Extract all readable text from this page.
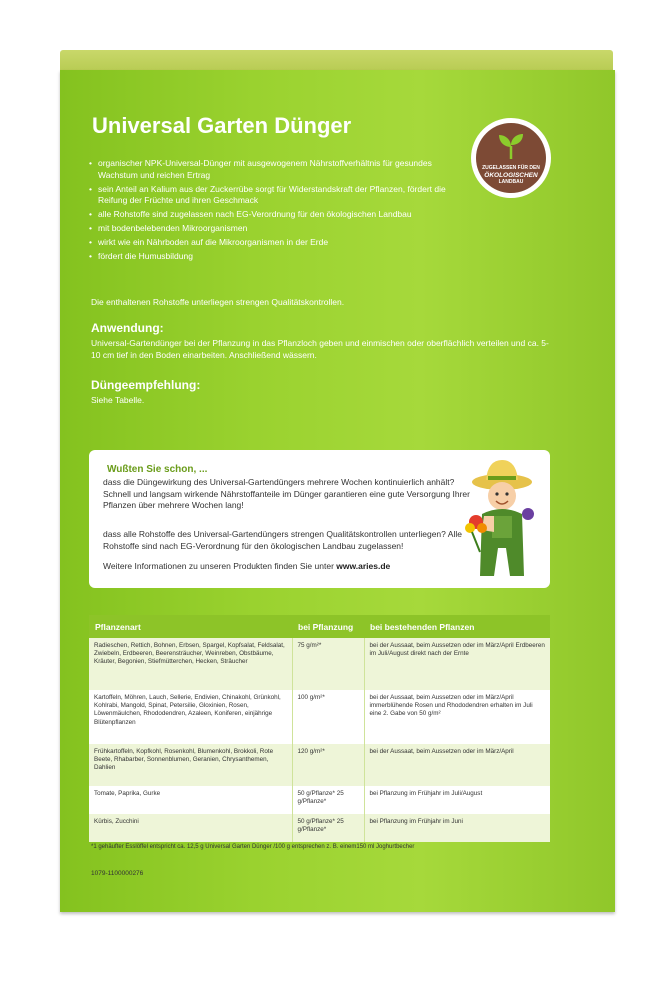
Universal Garten Dünger
ZUGELASSEN FÜR DEN
ÖKOLOGISCHEN
LANDBAU
• organischer NPK-Universal-Dünger mit ausgewogenem Nährstoffverhältnis für gesundes Wachstum und reichen Ertrag
• sein Anteil an Kalium aus der Zuckerrübe sorgt für Widerstandskraft der Pflanzen, fördert die Reifung der Früchte und ihren Geschmack
• alle Rohstoffe sind zugelassen nach EG-Verordnung für den ökologischen Landbau
• mit bodenbelebenden Mikroorganismen
• wirkt wie ein Nährboden auf die Mikroorganismen in der Erde
• fördert die Humusbildung
Die enthaltenen Rohstoffe unterliegen strengen Qualitätskontrollen.
Anwendung:
Universal-Gartendünger bei der Pflanzung in das Pflanzloch geben und einmischen oder oberflächlich verteilen und ca. 5-10 cm tief in den Boden einarbeiten. Anschließend wässern.
Düngeempfehlung:
Siehe Tabelle.
Wußten Sie schon, ...
dass die Düngewirkung des Universal-Gartendüngers mehrere Wochen kontinuierlich anhält? Schnell und langsam wirkende Nährstoffanteile im Dünger garantieren eine gute Versorgung Ihrer Pflanzen über mehrere Wochen lang!
dass alle Rohstoffe des Universal-Gartendüngers strengen Qualitätskontrollen unterliegen? Alle Rohstoffe sind nach EG-Verordnung für den ökologischen Landbau zugelassen!
Weitere Informationen zu unseren Produkten finden Sie unter www.aries.de
Pflanzenart	bei Pflanzung	bei bestehenden Pflanzen
Radieschen, Rettich, Bohnen, Erbsen, Spargel, Kopfsalat, Feldsalat, Zwiebeln, Erdbeeren, Beerensträucher, Weinreben, Obstbäume, Kräuter, Begonien, Stiefmütterchen, Hecken, Sträucher	75 g/m²*	bei der Aussaat, beim Aussetzen oder im März/April Erdbeeren im Juli/August direkt nach der Ernte
Kartoffeln, Möhren, Lauch, Sellerie, Endivien, Chinakohl, Grünkohl, Kohlrabi, Mangold, Spinat, Petersilie, Gloxinien, Rosen, Löwenmäulchen, Rhododendren, Azaleen, Koniferen, einjährige Blütenpflanzen	100 g/m²*	bei der Aussaat, beim Aussetzen oder im März/April immerblühende Rosen und Rhododendren erhalten im Juli eine 2. Gabe von 50 g/m²
Frühkartoffeln, Kopfkohl, Rosenkohl, Blumenkohl, Brokkoli, Rote Beete, Rhabarber, Sonnenblumen, Geranien, Chrysanthemen, Dahlien	120 g/m²*	bei der Aussaat, beim Aussetzen oder im März/April
Tomate, Paprika, Gurke	50 g/Pflanze* 25 g/Pflanze*	bei Pflanzung im Frühjahr im Juli/August
Kürbis, Zucchini	50 g/Pflanze* 25 g/Pflanze*	bei Pflanzung im Frühjahr im Juni
*1 gehäufter Esslöffel entspricht ca. 12,5 g Universal Garten Dünger /100 g entsprechen z. B. einem150 ml Joghurtbecher
1079-1100000276
